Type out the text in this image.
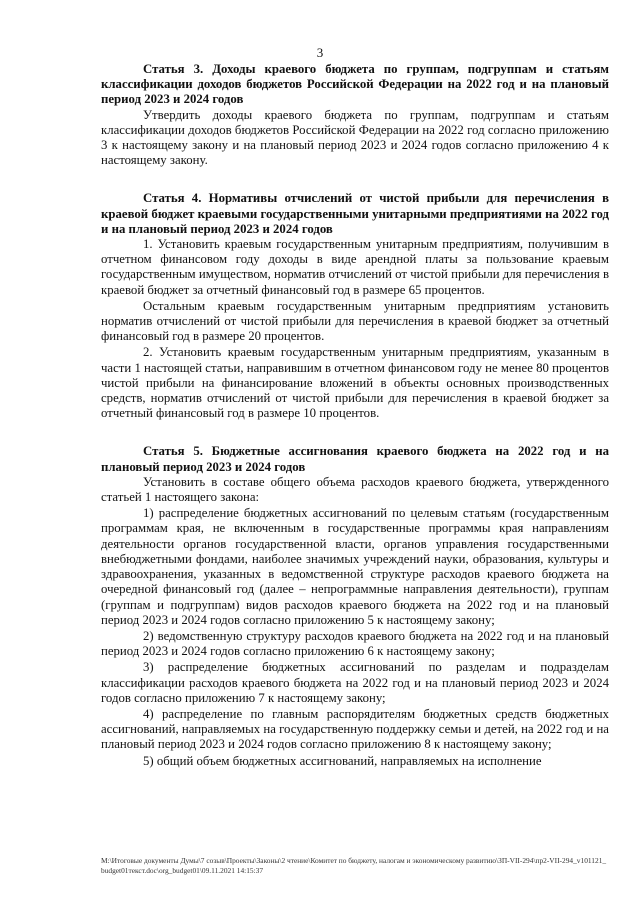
3

Статья 3. Доходы краевого бюджета по группам, подгруппам и статьям классификации доходов бюджетов Российской Федерации на 2022 год и на плановый период 2023 и 2024 годов

Утвердить доходы краевого бюджета по группам, подгруппам и статьям классификации доходов бюджетов Российской Федерации на 2022 год согласно приложению 3 к настоящему закону и на плановый период 2023 и 2024 годов согласно приложению 4 к настоящему закону.

Статья 4. Нормативы отчислений от чистой прибыли для перечисления в краевой бюджет краевыми государственными унитарными предприятиями на 2022 год и на плановый период 2023 и 2024 годов

1. Установить краевым государственным унитарным предприятиям, получившим в отчетном финансовом году доходы в виде арендной платы за пользование краевым государственным имуществом, норматив отчислений от чистой прибыли для перечисления в краевой бюджет за отчетный финансовый год в размере 65 процентов.

Остальным краевым государственным унитарным предприятиям установить норматив отчислений от чистой прибыли для перечисления в краевой бюджет за отчетный финансовый год в размере 20 процентов.

2. Установить краевым государственным унитарным предприятиям, указанным в части 1 настоящей статьи, направившим в отчетном финансовом году не менее 80 процентов чистой прибыли на финансирование вложений в объекты основных производственных средств, норматив отчислений от чистой прибыли для перечисления в краевой бюджет за отчетный финансовый год в размере 10 процентов.

Статья 5. Бюджетные ассигнования краевого бюджета на 2022 год и на плановый период 2023 и 2024 годов

Установить в составе общего объема расходов краевого бюджета, утвержденного статьей 1 настоящего закона:

1) распределение бюджетных ассигнований по целевым статьям (государственным программам края, не включенным в государственные программы края направлениям деятельности органов государственной власти, органов управления государственными внебюджетными фондами, наиболее значимых учреждений науки, образования, культуры и здравоохранения, указанных в ведомственной структуре расходов краевого бюджета на очередной финансовый год (далее – непрограммные направления деятельности), группам (группам и подгруппам) видов расходов краевого бюджета на 2022 год и на плановый период 2023 и 2024 годов согласно приложению 5 к настоящему закону;

2) ведомственную структуру расходов краевого бюджета на 2022 год и на плановый период 2023 и 2024 годов согласно приложению 6 к настоящему закону;

3) распределение бюджетных ассигнований по разделам и подразделам классификации расходов краевого бюджета на 2022 год и на плановый период 2023 и 2024 годов согласно приложению 7 к настоящему закону;

4) распределение по главным распорядителям бюджетных средств бюджетных ассигнований, направляемых на государственную поддержку семьи и детей, на 2022 год и на плановый период 2023 и 2024 годов согласно приложению 8 к настоящему закону;

5) общий объем бюджетных ассигнований, направляемых на исполнение

M:\Итоговые документы Думы\7 созыв\Проекты\Законы\2 чтение\Комитет по бюджету, налогам и экономическому развитию\ЗП-VII-294\пр2-VII-294_v101121_budget01текст.doc\org_budget01\09.11.2021 14:15:37
